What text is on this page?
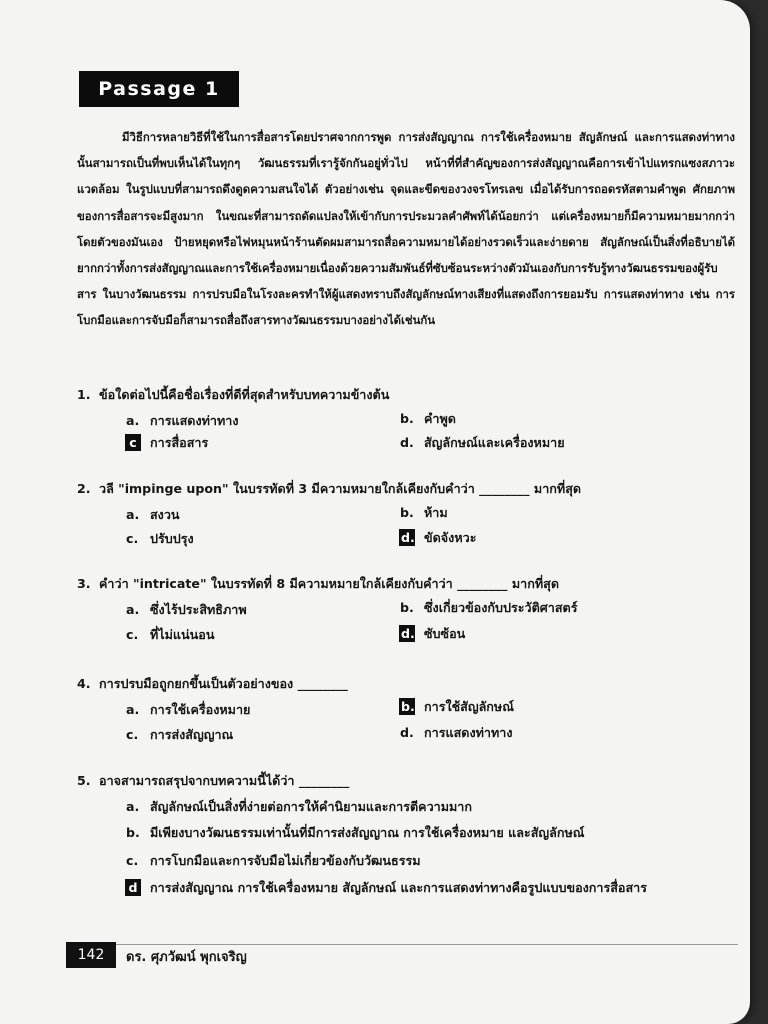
Passage 1
มีวิธีการหลายวิธีที่ใช้ในการสื่อสารโดยปราศจากการพูด การส่งสัญญาณ การใช้เครื่องหมาย สัญลักษณ์ และการแสดงท่าทางนั้นสามารถเป็นที่พบเห็นได้ในทุกๆ วัฒนธรรมที่เรารู้จักกันอยู่ทั่วไป หน้าที่ที่สำคัญของการส่งสัญญาณคือการเข้าไปแทรกแซงสภาวะแวดล้อม ในรูปแบบที่สามารถดึงดูดความสนใจได้ ตัวอย่างเช่น จุดและขีดของวงจรโทรเลข เมื่อได้รับการถอดรหัสตามคำพูด ศักยภาพของการสื่อสารจะมีสูงมาก ในขณะที่สามารถดัดแปลงให้เข้ากับการประมวลคำศัพท์ได้น้อยกว่า แต่เครื่องหมายก็มีความหมายมากกว่าโดยตัวของมันเอง ป้ายหยุดหรือไฟหมุนหน้าร้านตัดผมสามารถสื่อความหมายได้อย่างรวดเร็วและง่ายดาย สัญลักษณ์เป็นสิ่งที่อธิบายได้ยากกว่าทั้งการส่งสัญญาณและการใช้เครื่องหมายเนื่องด้วยความสัมพันธ์ที่ซับซ้อนระหว่างตัวมันเองกับการรับรู้ทางวัฒนธรรมของผู้รับสาร ในบางวัฒนธรรม การปรบมือในโรงละครทำให้ผู้แสดงทราบถึงสัญลักษณ์ทางเสียงที่แสดงถึงการยอมรับ การแสดงท่าทาง เช่น การโบกมือและการจับมือก็สามารถสื่อถึงสารทางวัฒนธรรมบางอย่างได้เช่นกัน
1. ข้อใดต่อไปนี้คือชื่อเรื่องที่ดีที่สุดสำหรับบทความข้างต้น
a. การแสดงท่าทาง	b. คำพูด
c การสื่อสาร	d. สัญลักษณ์และเครื่องหมาย
2. วลี "impinge upon" ในบรรทัดที่ 3 มีความหมายใกล้เคียงกับคำว่า ________ มากที่สุด
a. สงวน	b. ห้าม
c. ปรับปรุง	d. ขัดจังหวะ
3. คำว่า "intricate" ในบรรทัดที่ 8 มีความหมายใกล้เคียงกับคำว่า ________ มากที่สุด
a. ซึ่งไร้ประสิทธิภาพ	b. ซึ่งเกี่ยวข้องกับประวัติศาสตร์
c. ที่ไม่แน่นอน	d. ซับซ้อน
4. การปรบมือถูกยกขึ้นเป็นตัวอย่างของ ________
a. การใช้เครื่องหมาย	b. การใช้สัญลักษณ์
c. การส่งสัญญาณ	d. การแสดงท่าทาง
5. อาจสามารถสรุปจากบทความนี้ได้ว่า ________
a. สัญลักษณ์เป็นสิ่งที่ง่ายต่อการให้คำนิยามและการตีความมาก
b. มีเพียงบางวัฒนธรรมเท่านั้นที่มีการส่งสัญญาณ การใช้เครื่องหมาย และสัญลักษณ์
c. การโบกมือและการจับมือไม่เกี่ยวข้องกับวัฒนธรรม
d การส่งสัญญาณ การใช้เครื่องหมาย สัญลักษณ์ และการแสดงท่าทางคือรูปแบบของการสื่อสาร
142	ดร. ศุภวัฒน์ พุกเจริญ
